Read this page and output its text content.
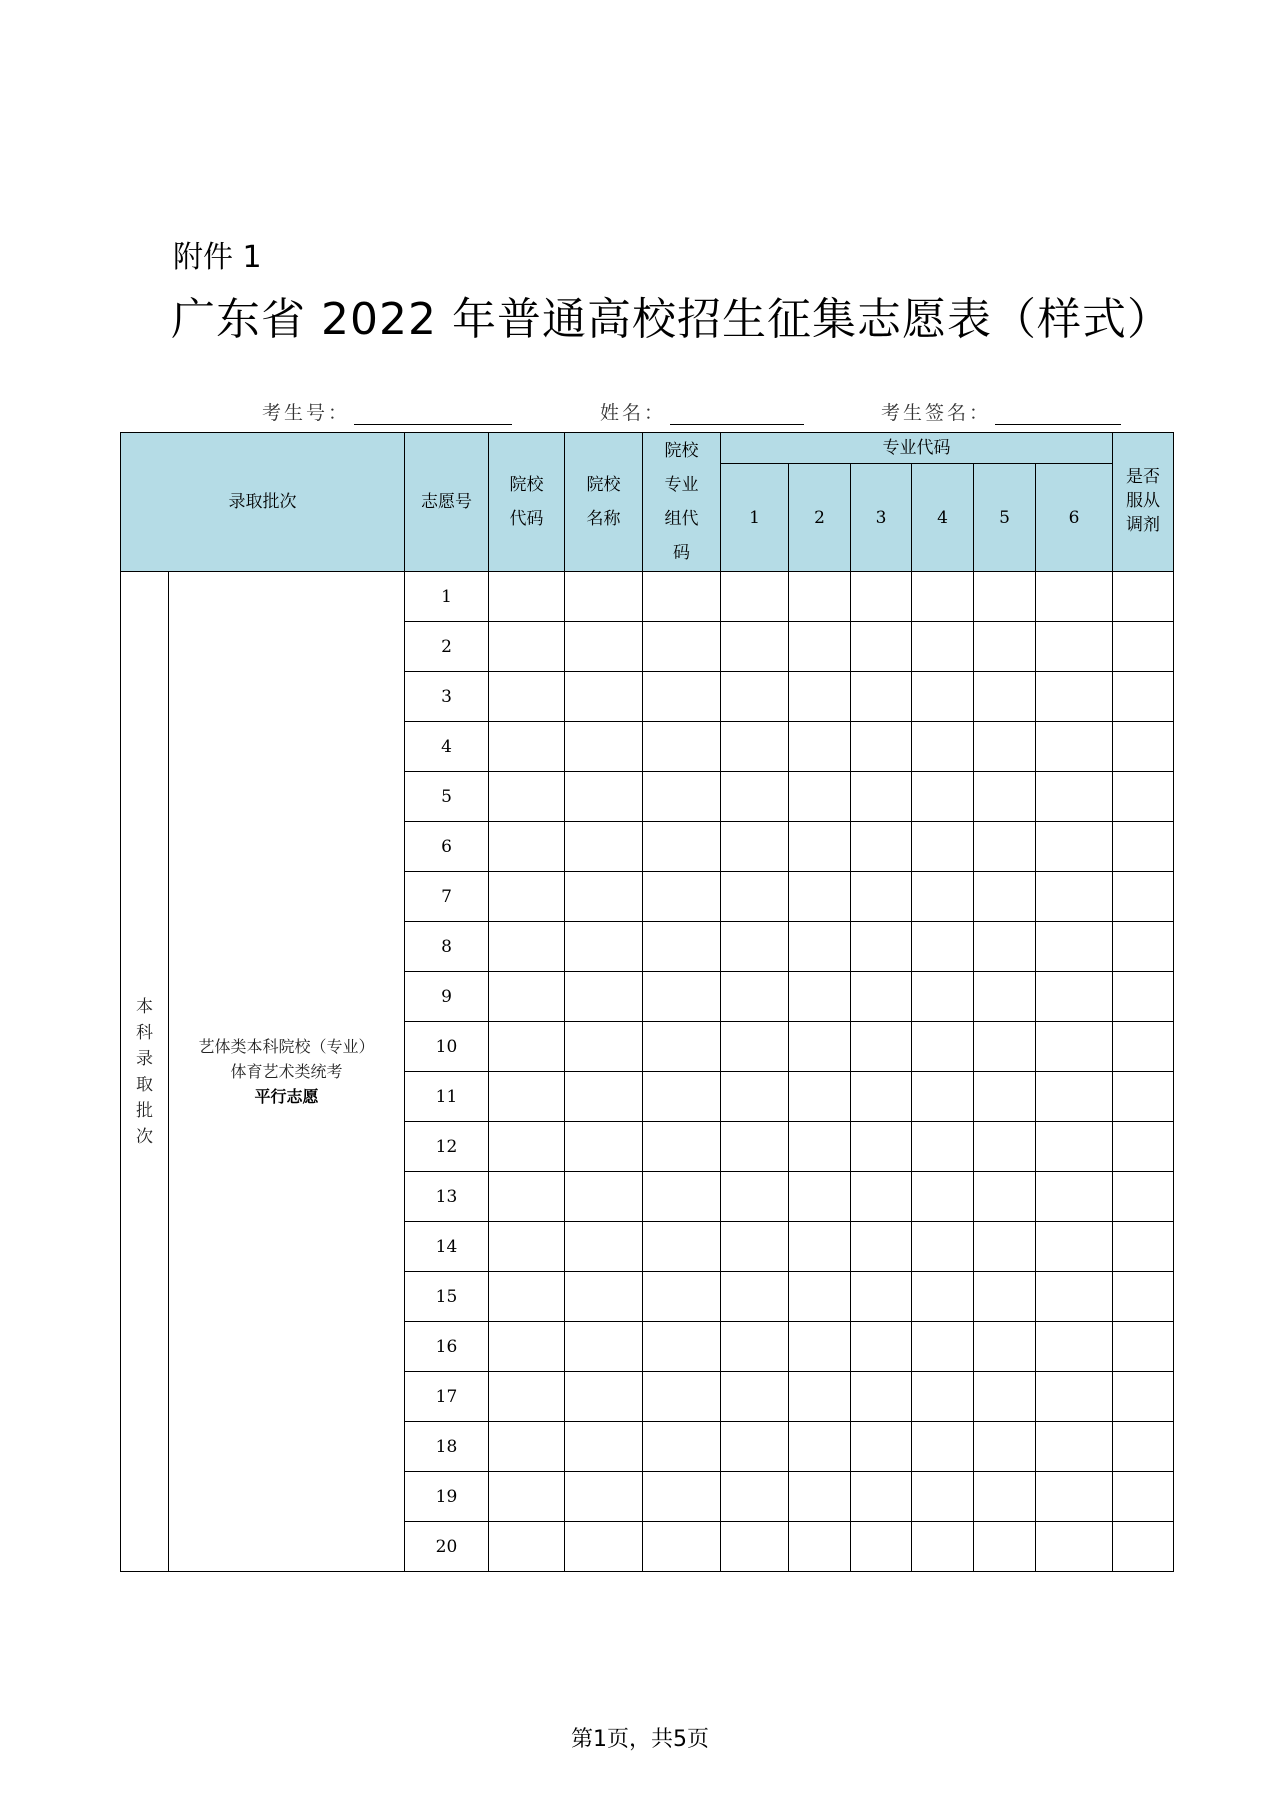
附件 1
广东省 2022 年普通高校招生征集志愿表（样式）
考生号：	姓名：	考生签名：
录取批次		志愿号	院校代码	院校名称	院校专业组代码	专业代码						是否服从调剂
						1	2	3	4	5	6	
本科录取批次	艺体类本科院校（专业）
体育艺术类统考
平行志愿	1										
		2										
		3										
		4										
		5										
		6										
		7										
		8										
		9										
		10										
		11										
		12										
		13										
		14										
		15										
		16										
		17										
		18										
		19										
		20										
第1页，共5页
